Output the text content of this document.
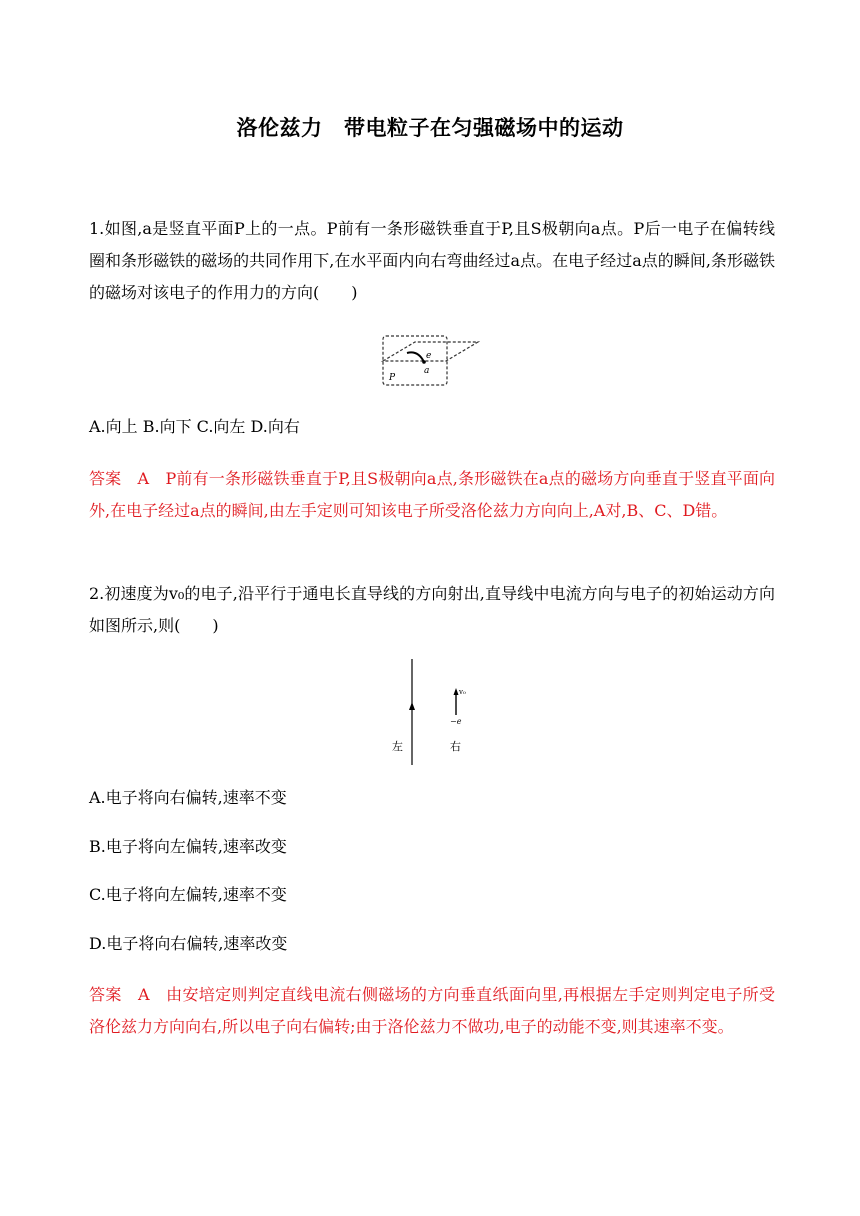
洛伦兹力　带电粒子在匀强磁场中的运动
1.如图,a是竖直平面P上的一点。P前有一条形磁铁垂直于P,且S极朝向a点。P后一电子在偏转线圈和条形磁铁的磁场的共同作用下,在水平面内向右弯曲经过a点。在电子经过a点的瞬间,条形磁铁的磁场对该电子的作用力的方向(　　)
e
a
P
A.向上 B.向下 C.向左 D.向右
答案　A　P前有一条形磁铁垂直于P,且S极朝向a点,条形磁铁在a点的磁场方向垂直于竖直平面向外,在电子经过a点的瞬间,由左手定则可知该电子所受洛伦兹力方向向上,A对,B、C、D错。
2.初速度为v₀的电子,沿平行于通电长直导线的方向射出,直导线中电流方向与电子的初始运动方向如图所示,则(　　)
v₀
−e
左	右
A.电子将向右偏转,速率不变
B.电子将向左偏转,速率改变
C.电子将向左偏转,速率不变
D.电子将向右偏转,速率改变
答案　A　由安培定则判定直线电流右侧磁场的方向垂直纸面向里,再根据左手定则判定电子所受洛伦兹力方向向右,所以电子向右偏转;由于洛伦兹力不做功,电子的动能不变,则其速率不变。
